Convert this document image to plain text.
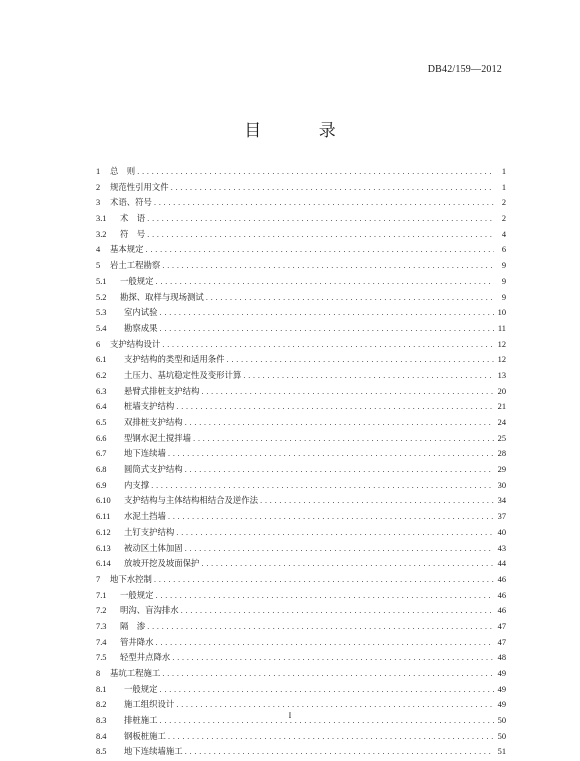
DB42/159—2012
目 录
1	总　则 .....	1
2	规范性引用文件 .....	1
3	术语、符号 .....	2
3.1	术　语 .....	2
3.2	符　号 .....	4
4	基本规定 .....	6
5	岩土工程勘察 .....	9
5.1	一般规定 .....	9
5.2	勘探、取样与现场测试 .....	9
5.3	室内试验 .....	10
5.4	勘察成果 .....	11
6	支护结构设计 .....	12
6.1	支护结构的类型和适用条件 .....	12
6.2	土压力、基坑稳定性及变形计算 .....	13
6.3	悬臂式排桩支护结构 .....	20
6.4	桩墙支护结构 .....	21
6.5	双排桩支护结构 .....	24
6.6	型钢水泥土搅拌墙 .....	25
6.7	地下连续墙 .....	28
6.8	圆筒式支护结构 .....	29
6.9	内支撑 .....	30
6.10	支护结构与主体结构相结合及逆作法 .....	34
6.11	水泥土挡墙 .....	37
6.12	土钉支护结构 .....	40
6.13	被动区土体加固 .....	43
6.14	放坡开挖及坡面保护 .....	44
7	地下水控制 .....	46
7.1	一般规定 .....	46
7.2	明沟、盲沟排水 .....	46
7.3	隔　渗 .....	47
7.4	管井降水 .....	47
7.5	轻型井点降水 .....	48
8	基坑工程施工 .....	49
8.1	一般规定 .....	49
8.2	施工组织设计 .....	49
8.3	排桩施工 .....	50
8.4	钢板桩施工 .....	50
8.5	地下连续墙施工 .....	51
I
